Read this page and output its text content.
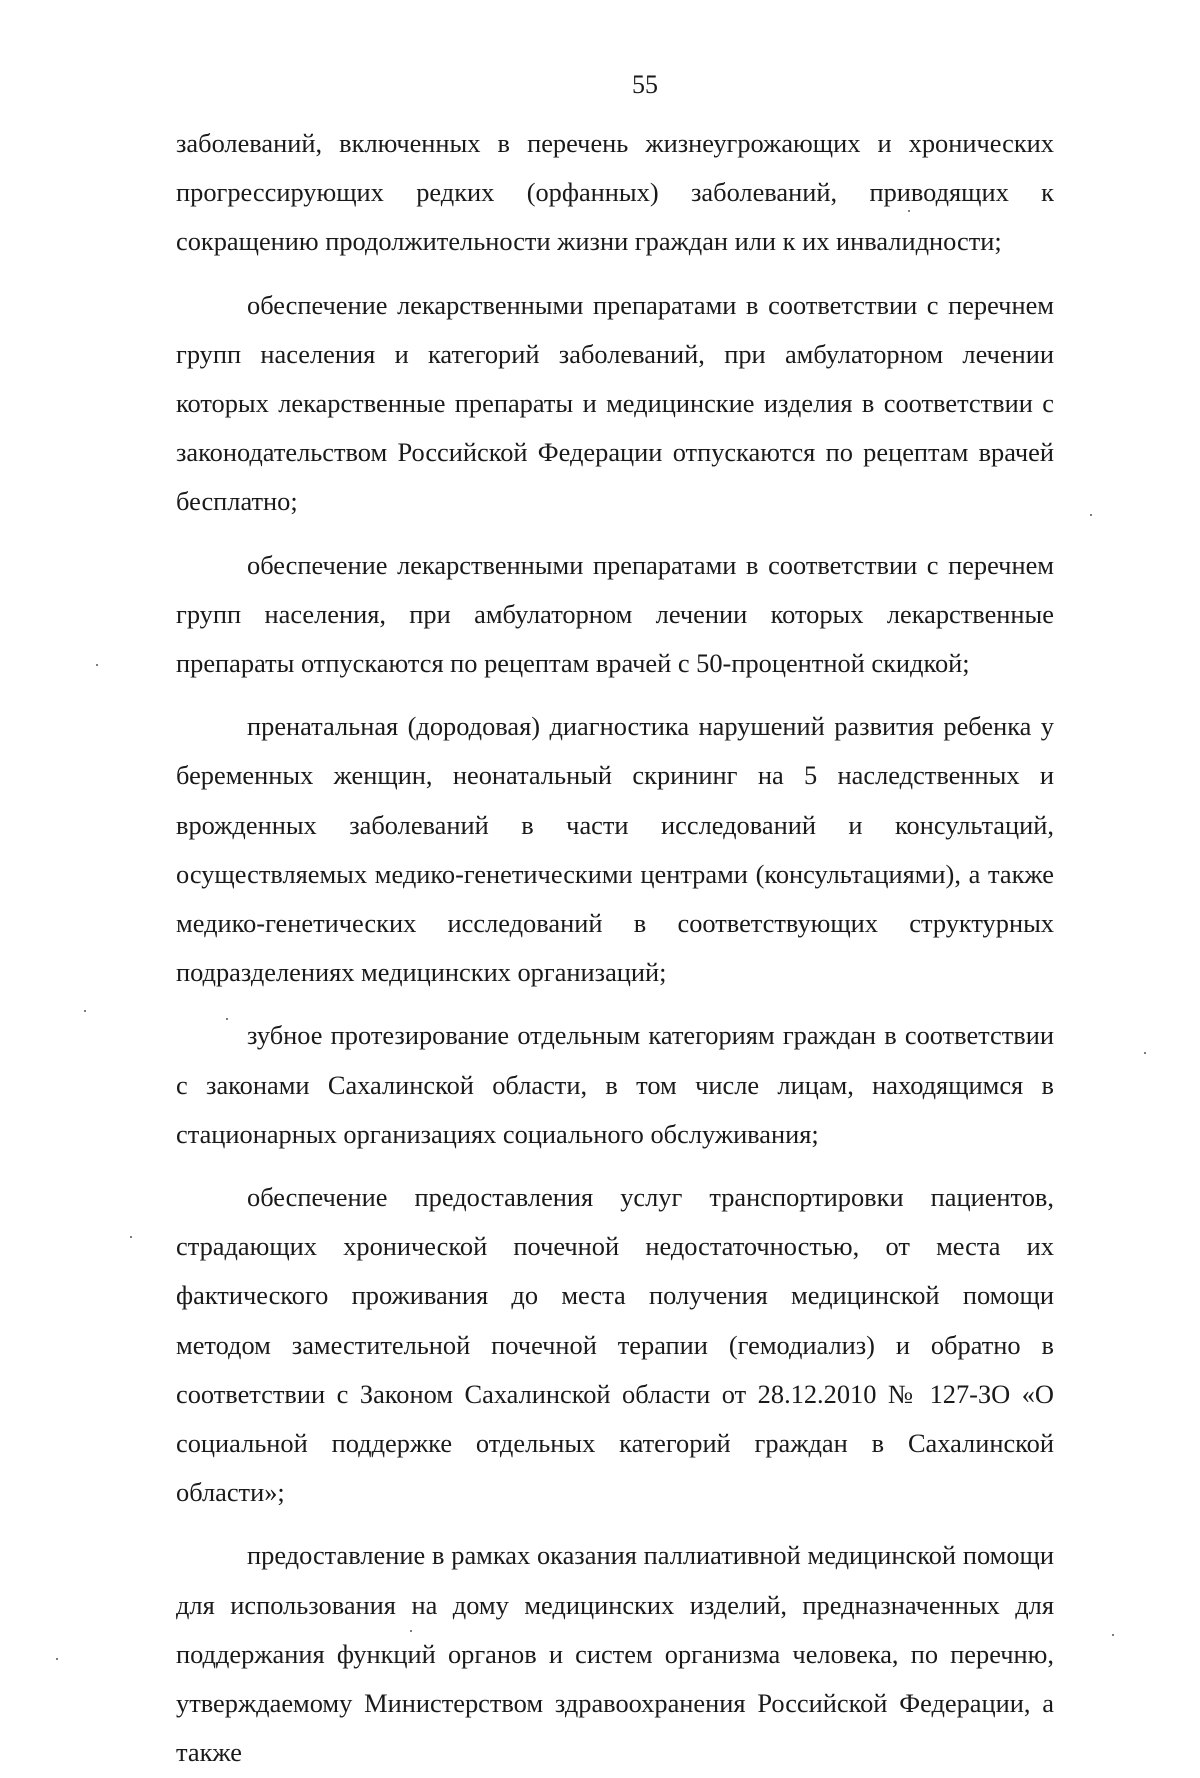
55

заболеваний, включенных в перечень жизнеугрожающих и хронических прогрессирующих редких (орфанных) заболеваний, приводящих к сокращению продолжительности жизни граждан или к их инвалидности;

обеспечение лекарственными препаратами в соответствии с перечнем групп населения и категорий заболеваний, при амбулаторном лечении которых лекарственные препараты и медицинские изделия в соответствии с законодательством Российской Федерации отпускаются по рецептам врачей бесплатно;

обеспечение лекарственными препаратами в соответствии с перечнем групп населения, при амбулаторном лечении которых лекарственные препараты отпускаются по рецептам врачей с 50-процентной скидкой;

пренатальная (дородовая) диагностика нарушений развития ребенка у беременных женщин, неонатальный скрининг на 5 наследственных и врожденных заболеваний в части исследований и консультаций, осуществляемых медико-генетическими центрами (консультациями), а также медико-генетических исследований в соответствующих структурных подразделениях медицинских организаций;

зубное протезирование отдельным категориям граждан в соответствии с законами Сахалинской области, в том числе лицам, находящимся в стационарных организациях социального обслуживания;

обеспечение предоставления услуг транспортировки пациентов, страдающих хронической почечной недостаточностью, от места их фактического проживания до места получения медицинской помощи методом заместительной почечной терапии (гемодиализ) и обратно в соответствии с Законом Сахалинской области от 28.12.2010 № 127-ЗО «О социальной поддержке отдельных категорий граждан в Сахалинской области»;

предоставление в рамках оказания паллиативной медицинской помощи для использования на дому медицинских изделий, предназначенных для поддержания функций органов и систем организма человека, по перечню, утверждаемому Министерством здравоохранения Российской Федерации, а также
